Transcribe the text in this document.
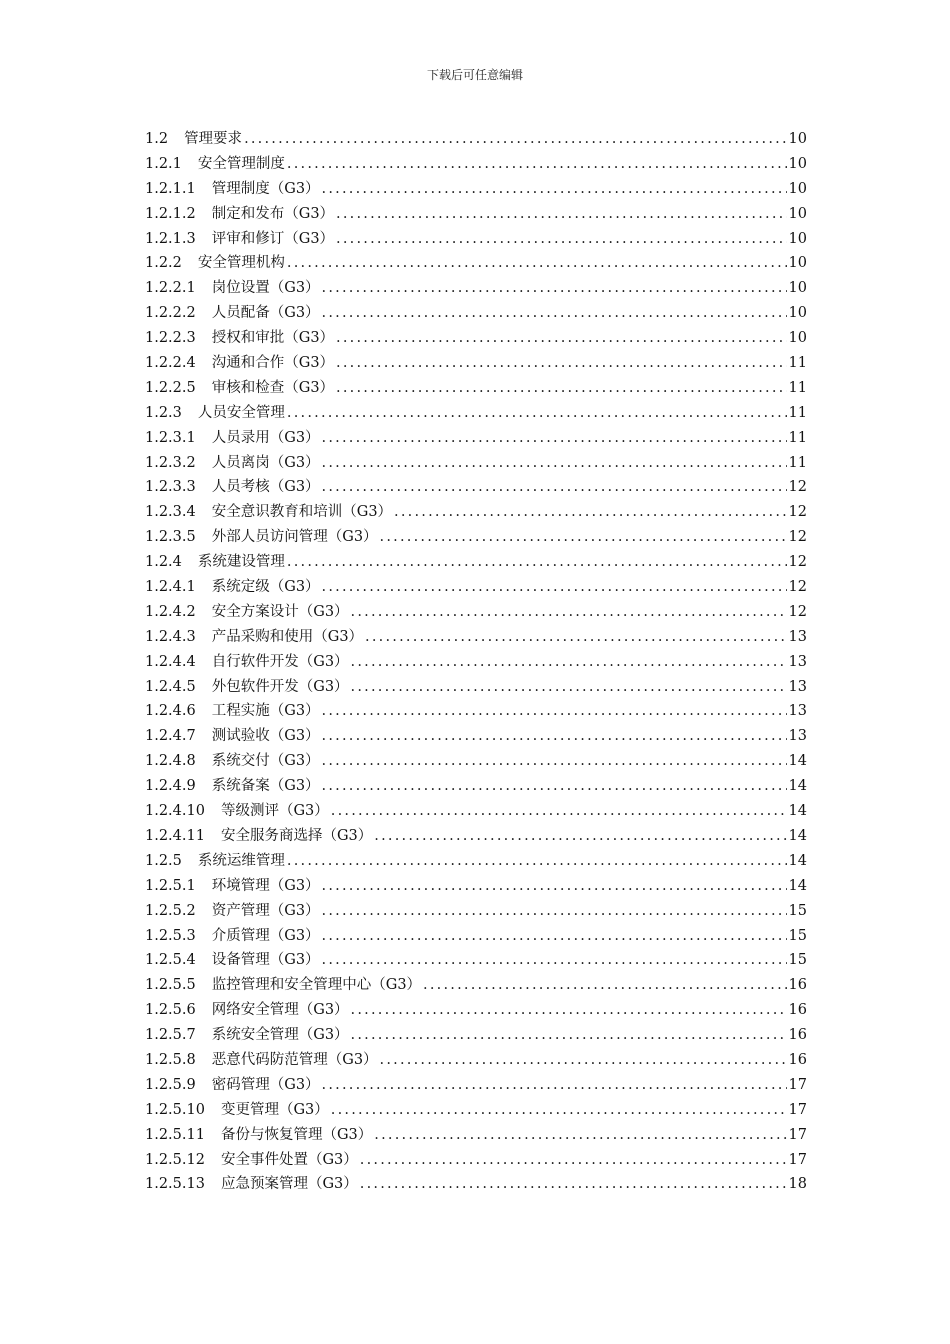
下载后可任意编辑
1.2 管理要求 .....	10
1.2.1 安全管理制度 .....	10
1.2.1.1 管理制度（G3） .....	10
1.2.1.2 制定和发布（G3） .....	10
1.2.1.3 评审和修订（G3） .....	10
1.2.2 安全管理机构 .....	10
1.2.2.1 岗位设置（G3） .....	10
1.2.2.2 人员配备（G3） .....	10
1.2.2.3 授权和审批（G3） .....	10
1.2.2.4 沟通和合作（G3） .....	11
1.2.2.5 审核和检查（G3） .....	11
1.2.3 人员安全管理 .....	11
1.2.3.1 人员录用（G3） .....	11
1.2.3.2 人员离岗（G3） .....	11
1.2.3.3 人员考核（G3） .....	12
1.2.3.4 安全意识教育和培训（G3） .....	12
1.2.3.5 外部人员访问管理（G3） .....	12
1.2.4 系统建设管理 .....	12
1.2.4.1 系统定级（G3） .....	12
1.2.4.2 安全方案设计（G3） .....	12
1.2.4.3 产品采购和使用（G3） .....	13
1.2.4.4 自行软件开发（G3） .....	13
1.2.4.5 外包软件开发（G3） .....	13
1.2.4.6 工程实施（G3） .....	13
1.2.4.7 测试验收（G3） .....	13
1.2.4.8 系统交付（G3） .....	14
1.2.4.9 系统备案（G3） .....	14
1.2.4.10 等级测评（G3） .....	14
1.2.4.11 安全服务商选择（G3） .....	14
1.2.5 系统运维管理 .....	14
1.2.5.1 环境管理（G3） .....	14
1.2.5.2 资产管理（G3） .....	15
1.2.5.3 介质管理（G3） .....	15
1.2.5.4 设备管理（G3） .....	15
1.2.5.5 监控管理和安全管理中心（G3） .....	16
1.2.5.6 网络安全管理（G3） .....	16
1.2.5.7 系统安全管理（G3） .....	16
1.2.5.8 恶意代码防范管理（G3） .....	16
1.2.5.9 密码管理（G3） .....	17
1.2.5.10 变更管理（G3） .....	17
1.2.5.11 备份与恢复管理（G3） .....	17
1.2.5.12 安全事件处置（G3） .....	17
1.2.5.13 应急预案管理（G3） .....	18
